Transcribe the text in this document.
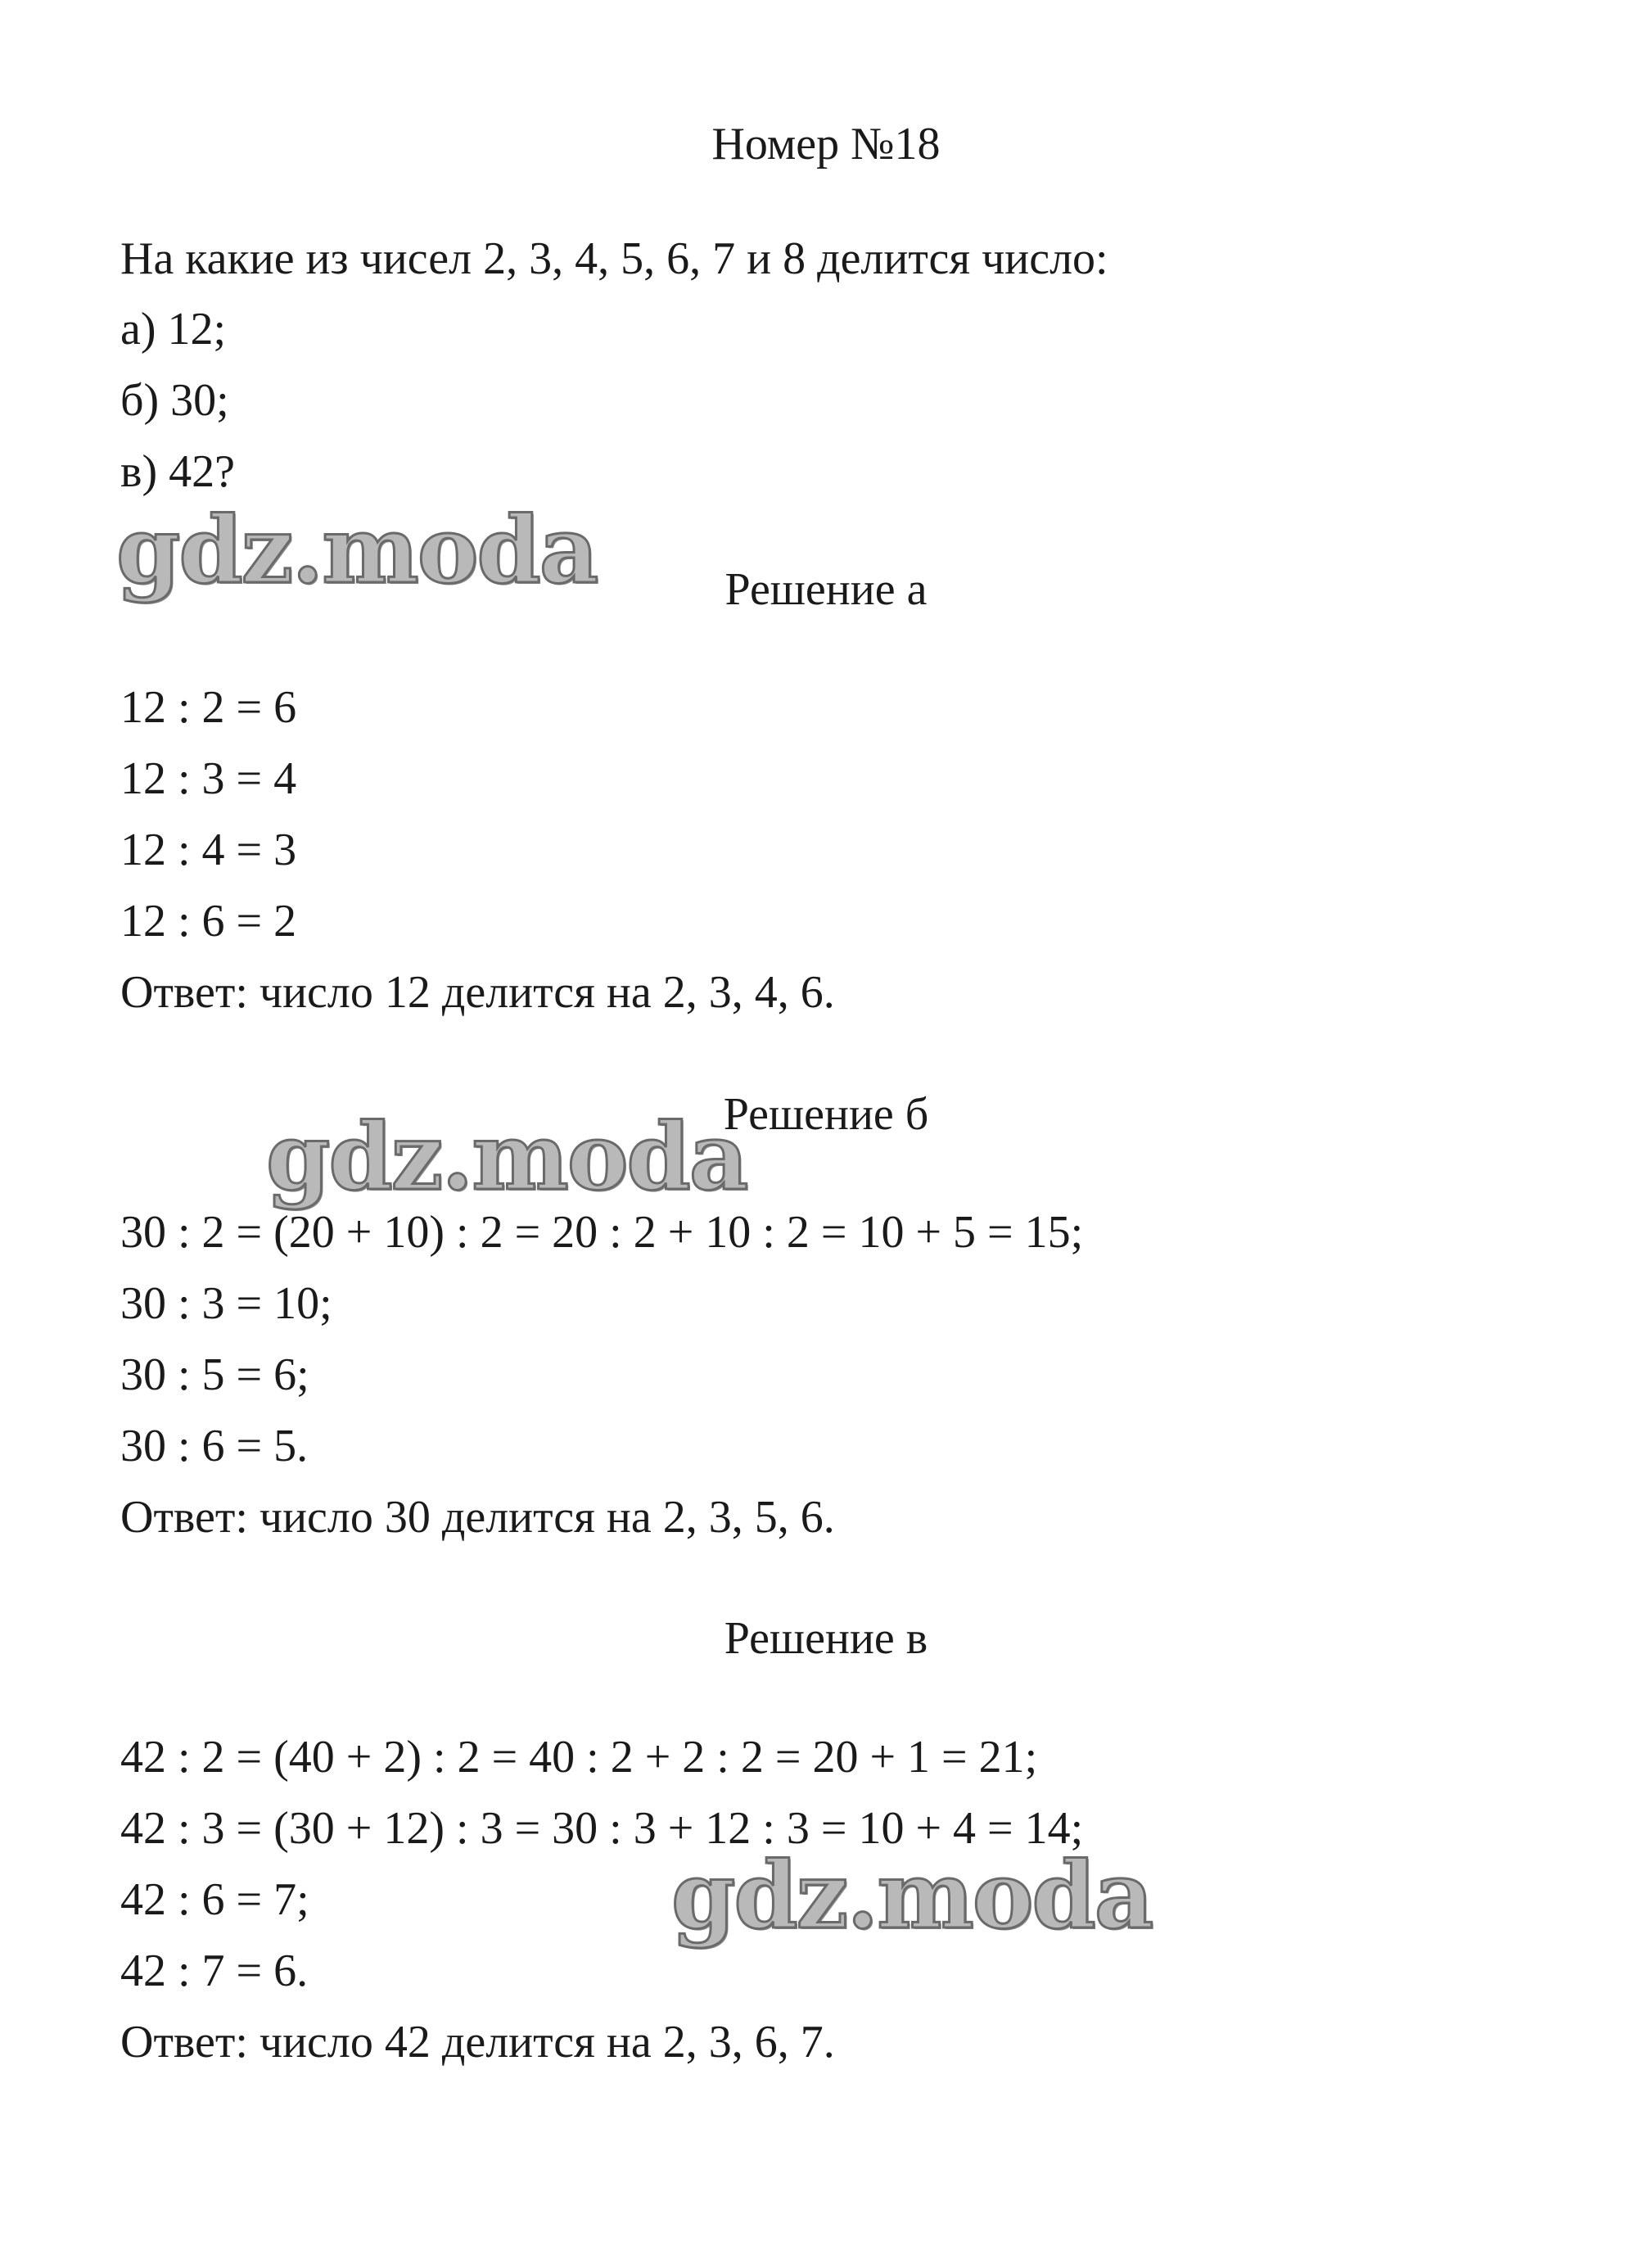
Номер №18
На какие из чисел 2, 3, 4, 5, 6, 7 и 8 делится число:
а) 12;
б) 30;
в) 42?
gdz.moda	Решение а
12 : 2 = 6
12 : 3 = 4
12 : 4 = 3
12 : 6 = 2
Ответ: число 12 делится на 2, 3, 4, 6.
Решение б
gdz.moda
30 : 2 = (20 + 10) : 2 = 20 : 2 + 10 : 2 = 10 + 5 = 15;
30 : 3 = 10;
30 : 5 = 6;
30 : 6 = 5.
Ответ: число 30 делится на 2, 3, 5, 6.
Решение в
42 : 2 = (40 + 2) : 2 = 40 : 2 + 2 : 2 = 20 + 1 = 21;
42 : 3 = (30 + 12) : 3 = 30 : 3 + 12 : 3 = 10 + 4 = 14;
gdz.moda
42 : 6 = 7;
42 : 7 = 6.
Ответ: число 42 делится на 2, 3, 6, 7.
